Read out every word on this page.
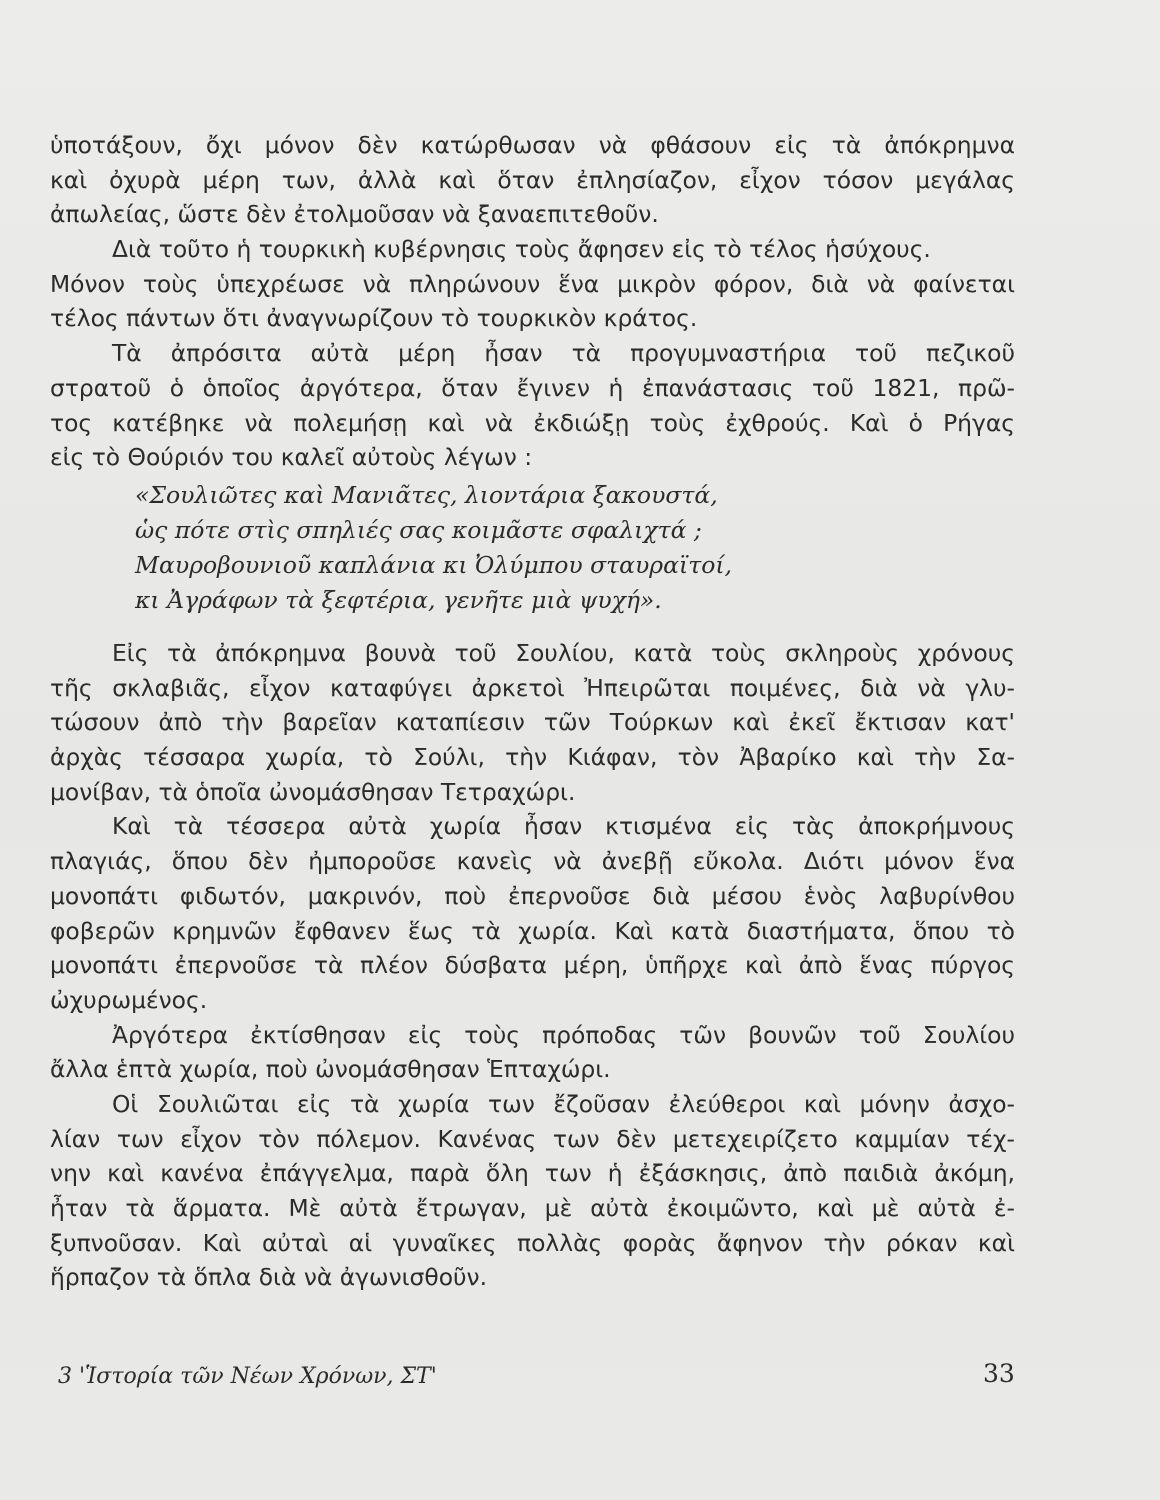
ὑποτάξουν, ὄχι μόνον δὲν κατώρθωσαν νὰ φθάσουν εἰς τὰ ἀπόκρημνα
καὶ ὀχυρὰ μέρη των, ἀλλὰ καὶ ὅταν ἐπλησίαζον, εἶχον τόσον μεγάλας
ἀπωλείας, ὥστε δὲν ἐτολμοῦσαν νὰ ξαναεπιτεθοῦν.
Διὰ τοῦτο ἡ τουρκικὴ κυβέρνησις τοὺς ἄφησεν εἰς τὸ τέλος ἡσύχους.
Μόνον τοὺς ὑπεχρέωσε νὰ πληρώνουν ἕνα μικρὸν φόρον, διὰ νὰ φαίνεται
τέλος πάντων ὅτι ἀναγνωρίζουν τὸ τουρκικὸν κράτος.
Τὰ ἀπρόσιτα αὐτὰ μέρη ἦσαν τὰ προγυμναστήρια τοῦ πεζικοῦ
στρατοῦ ὁ ὁποῖος ἀργότερα, ὅταν ἔγινεν ἡ ἐπανάστασις τοῦ 1821, πρῶ-
τος κατέβηκε νὰ πολεμήσῃ καὶ νὰ ἐκδιώξῃ τοὺς ἐχθρούς. Καὶ ὁ Ρήγας
εἰς τὸ Θούριόν του καλεῖ αὐτοὺς λέγων :
«Σουλιῶτες καὶ Μανιᾶτες, λιοντάρια ξακουστά,
ὡς πότε στὶς σπηλιές σας κοιμᾶστε σφαλιχτά ;
Μαυροβουνιοῦ καπλάνια κι Ὀλύμπου σταυραϊτοί,
κι Ἀγράφων τὰ ξεφτέρια, γενῆτε μιὰ ψυχή».
Εἰς τὰ ἀπόκρημνα βουνὰ τοῦ Σουλίου, κατὰ τοὺς σκληροὺς χρόνους
τῆς σκλαβιᾶς, εἶχον καταφύγει ἀρκετοὶ Ἠπειρῶται ποιμένες, διὰ νὰ γλυ-
τώσουν ἀπὸ τὴν βαρεῖαν καταπίεσιν τῶν Τούρκων καὶ ἐκεῖ ἔκτισαν κατ'
ἀρχὰς τέσσαρα χωρία, τὸ Σούλι, τὴν Κιάφαν, τὸν Ἀβαρίκο καὶ τὴν Σα-
μονίβαν, τὰ ὁποῖα ὠνομάσθησαν Τετραχώρι.
Καὶ τὰ τέσσερα αὐτὰ χωρία ἦσαν κτισμένα εἰς τὰς ἀποκρήμνους
πλαγιάς, ὅπου δὲν ἠμποροῦσε κανεὶς νὰ ἀνεβῇ εὔκολα. Διότι μόνον ἕνα
μονοπάτι φιδωτόν, μακρινόν, ποὺ ἐπερνοῦσε διὰ μέσου ἑνὸς λαβυρίνθου
φοβερῶν κρημνῶν ἔφθανεν ἕως τὰ χωρία. Καὶ κατὰ διαστήματα, ὅπου τὸ
μονοπάτι ἐπερνοῦσε τὰ πλέον δύσβατα μέρη, ὑπῆρχε καὶ ἀπὸ ἕνας πύργος
ὠχυρωμένος.
Ἀργότερα ἐκτίσθησαν εἰς τοὺς πρόποδας τῶν βουνῶν τοῦ Σουλίου
ἄλλα ἑπτὰ χωρία, ποὺ ὠνομάσθησαν Ἑπταχώρι.
Οἱ Σουλιῶται εἰς τὰ χωρία των ἔζοῦσαν ἐλεύθεροι καὶ μόνην ἀσχο-
λίαν των εἶχον τὸν πόλεμον. Κανένας των δὲν μετεχειρίζετο καμμίαν τέχ-
νην καὶ κανένα ἐπάγγελμα, παρὰ ὅλη των ἡ ἐξάσκησις, ἀπὸ παιδιὰ ἀκόμη,
ἦταν τὰ ἅρματα. Μὲ αὐτὰ ἔτρωγαν, μὲ αὐτὰ ἐκοιμῶντο, καὶ μὲ αὐτὰ ἐ-
ξυπνοῦσαν. Καὶ αὐταὶ αἱ γυναῖκες πολλὰς φορὰς ἄφηνον τὴν ρόκαν καὶ
ἥρπαζον τὰ ὅπλα διὰ νὰ ἀγωνισθοῦν.
3 'Ἱστορία τῶν Νέων Χρόνων, ΣΤ'	33
